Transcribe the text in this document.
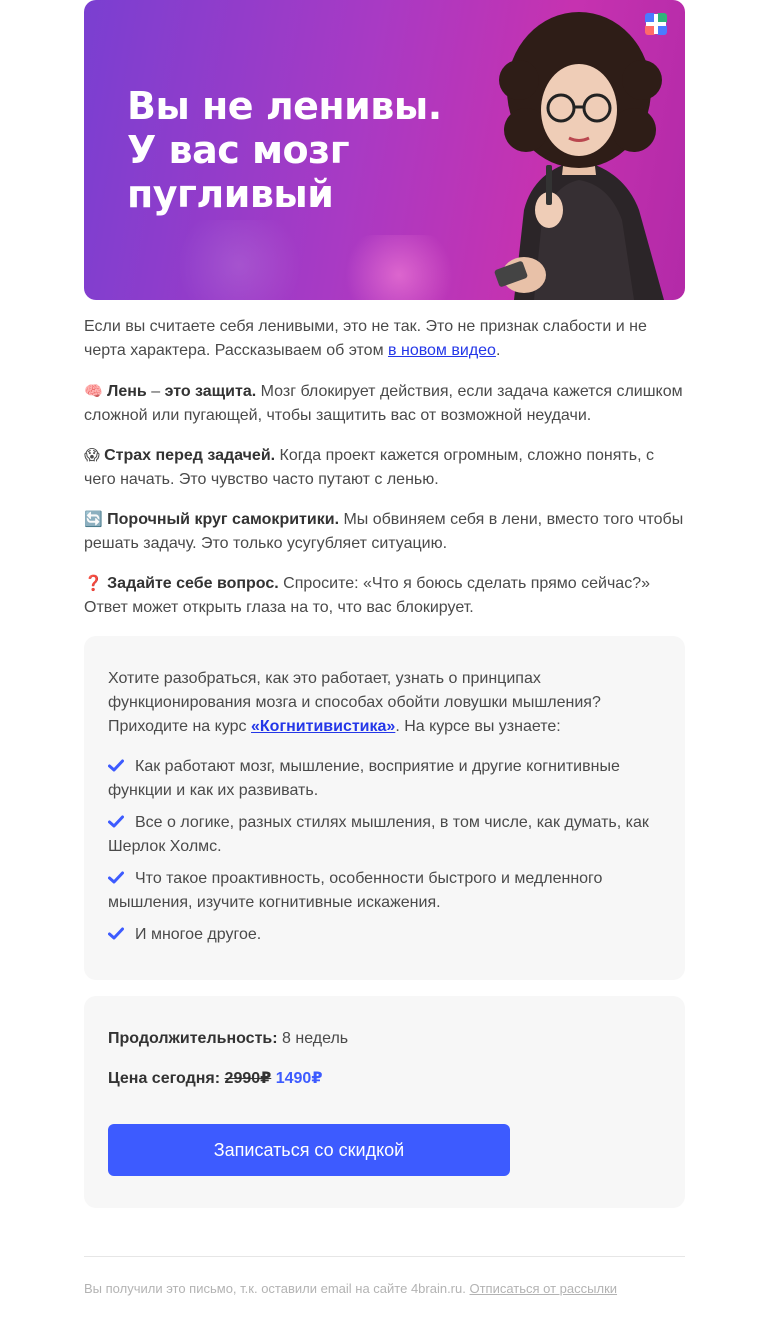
Вы не ленивы.
У вас мозг
пугливый

Если вы считаете себя ленивыми, это не так. Это не признак слабости и не черта характера. Рассказываем об этом в новом видео.

🧠 Лень – это защита. Мозг блокирует действия, если задача кажется слишком сложной или пугающей, чтобы защитить вас от возможной неудачи.

😱 Страх перед задачей. Когда проект кажется огромным, сложно понять, с чего начать. Это чувство часто путают с ленью.

🔄 Порочный круг самокритики. Мы обвиняем себя в лени, вместо того чтобы решать задачу. Это только усугубляет ситуацию.

❓ Задайте себе вопрос. Спросите: «Что я боюсь сделать прямо сейчас?» Ответ может открыть глаза на то, что вас блокирует.

Хотите разобраться, как это работает, узнать о принципах функционирования мозга и способах обойти ловушки мышления? Приходите на курс «Когнитивистика». На курсе вы узнаете:

Как работают мозг, мышление, восприятие и другие когнитивные функции и как их развивать.

Все о логике, разных стилях мышления, в том числе, как думать, как Шерлок Холмс.

Что такое проактивность, особенности быстрого и медленного мышления, изучите когнитивные искажения.

И многое другое.

Продолжительность: 8 недель

Цена сегодня: 2990₽ 1490₽

Записаться со скидкой

Вы получили это письмо, т.к. оставили email на сайте 4brain.ru. Отписаться от рассылки
